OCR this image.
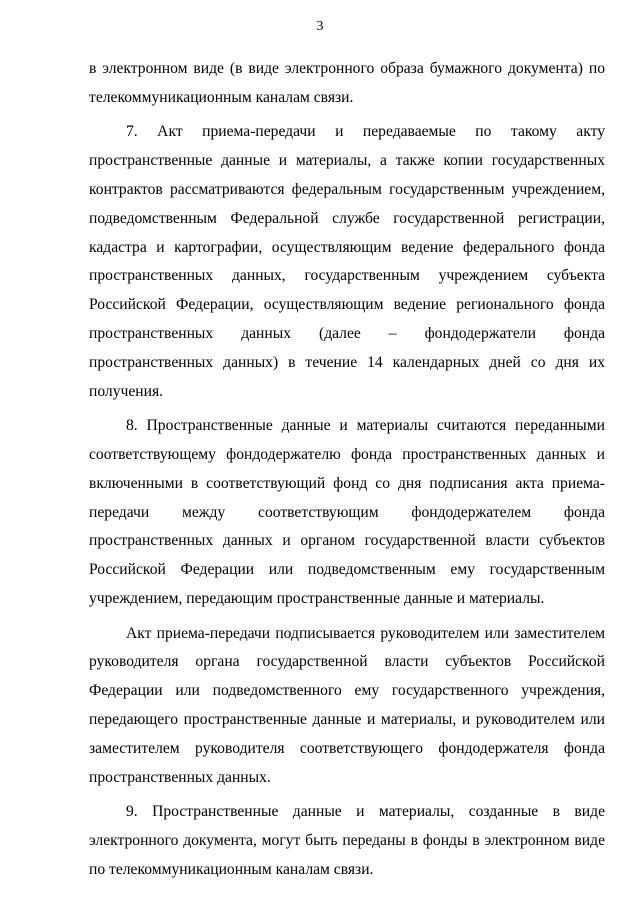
3

в электронном виде (в виде электронного образа бумажного документа) по телекоммуникационным каналам связи.

7. Акт приема-передачи и передаваемые по такому акту пространственные данные и материалы, а также копии государственных контрактов рассматриваются федеральным государственным учреждением, подведомственным Федеральной службе государственной регистрации, кадастра и картографии, осуществляющим ведение федерального фонда пространственных данных, государственным учреждением субъекта Российской Федерации, осуществляющим ведение регионального фонда пространственных данных (далее – фондодержатели фонда пространственных данных) в течение 14 календарных дней со дня их получения.

8. Пространственные данные и материалы считаются переданными соответствующему фондодержателю фонда пространственных данных и включенными в соответствующий фонд со дня подписания акта приема-передачи между соответствующим фондодержателем фонда пространственных данных и органом государственной власти субъектов Российской Федерации или подведомственным ему государственным учреждением, передающим пространственные данные и материалы.

Акт приема-передачи подписывается руководителем или заместителем руководителя органа государственной власти субъектов Российской Федерации или подведомственного ему государственного учреждения, передающего пространственные данные и материалы, и руководителем или заместителем руководителя соответствующего фондодержателя фонда пространственных данных.

9. Пространственные данные и материалы, созданные в виде электронного документа, могут быть переданы в фонды в электронном виде по телекоммуникационным каналам связи.
